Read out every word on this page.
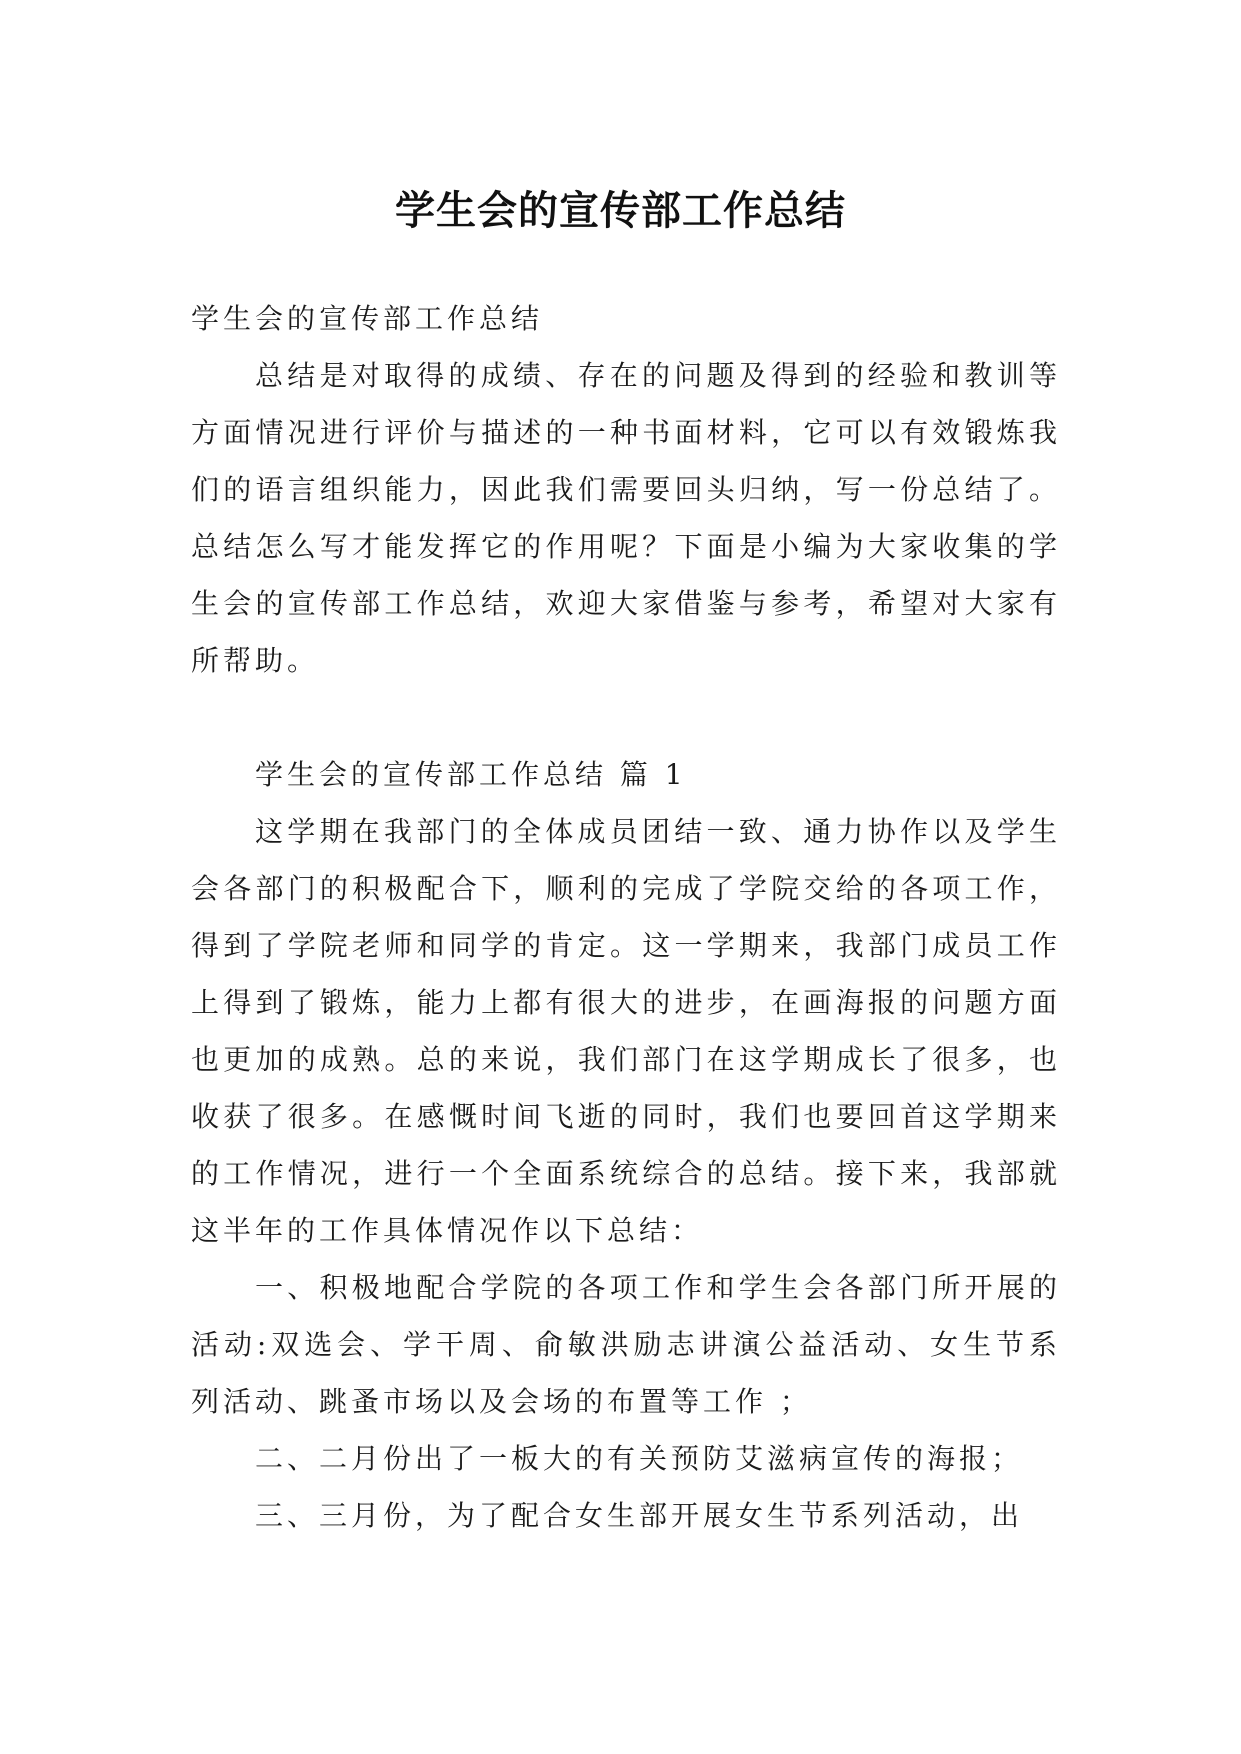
学生会的宣传部工作总结

学生会的宣传部工作总结

总结是对取得的成绩、存在的问题及得到的经验和教训等方面情况进行评价与描述的一种书面材料，它可以有效锻炼我们的语言组织能力，因此我们需要回头归纳，写一份总结了。总结怎么写才能发挥它的作用呢？下面是小编为大家收集的学生会的宣传部工作总结，欢迎大家借鉴与参考，希望对大家有所帮助。

学生会的宣传部工作总结 篇 1

这学期在我部门的全体成员团结一致、通力协作以及学生会各部门的积极配合下，顺利的完成了学院交给的各项工作，得到了学院老师和同学的肯定。这一学期来，我部门成员工作上得到了锻炼，能力上都有很大的进步，在画海报的问题方面也更加的成熟。总的来说，我们部门在这学期成长了很多，也收获了很多。在感慨时间飞逝的同时，我们也要回首这学期来的工作情况，进行一个全面系统综合的总结。接下来，我部就这半年的工作具体情况作以下总结：

一、积极地配合学院的各项工作和学生会各部门所开展的活动:双选会、学干周、俞敏洪励志讲演公益活动、女生节系列活动、跳蚤市场以及会场的布置等工作 ；

二、二月份出了一板大的有关预防艾滋病宣传的海报；

三、三月份，为了配合女生部开展女生节系列活动，出
